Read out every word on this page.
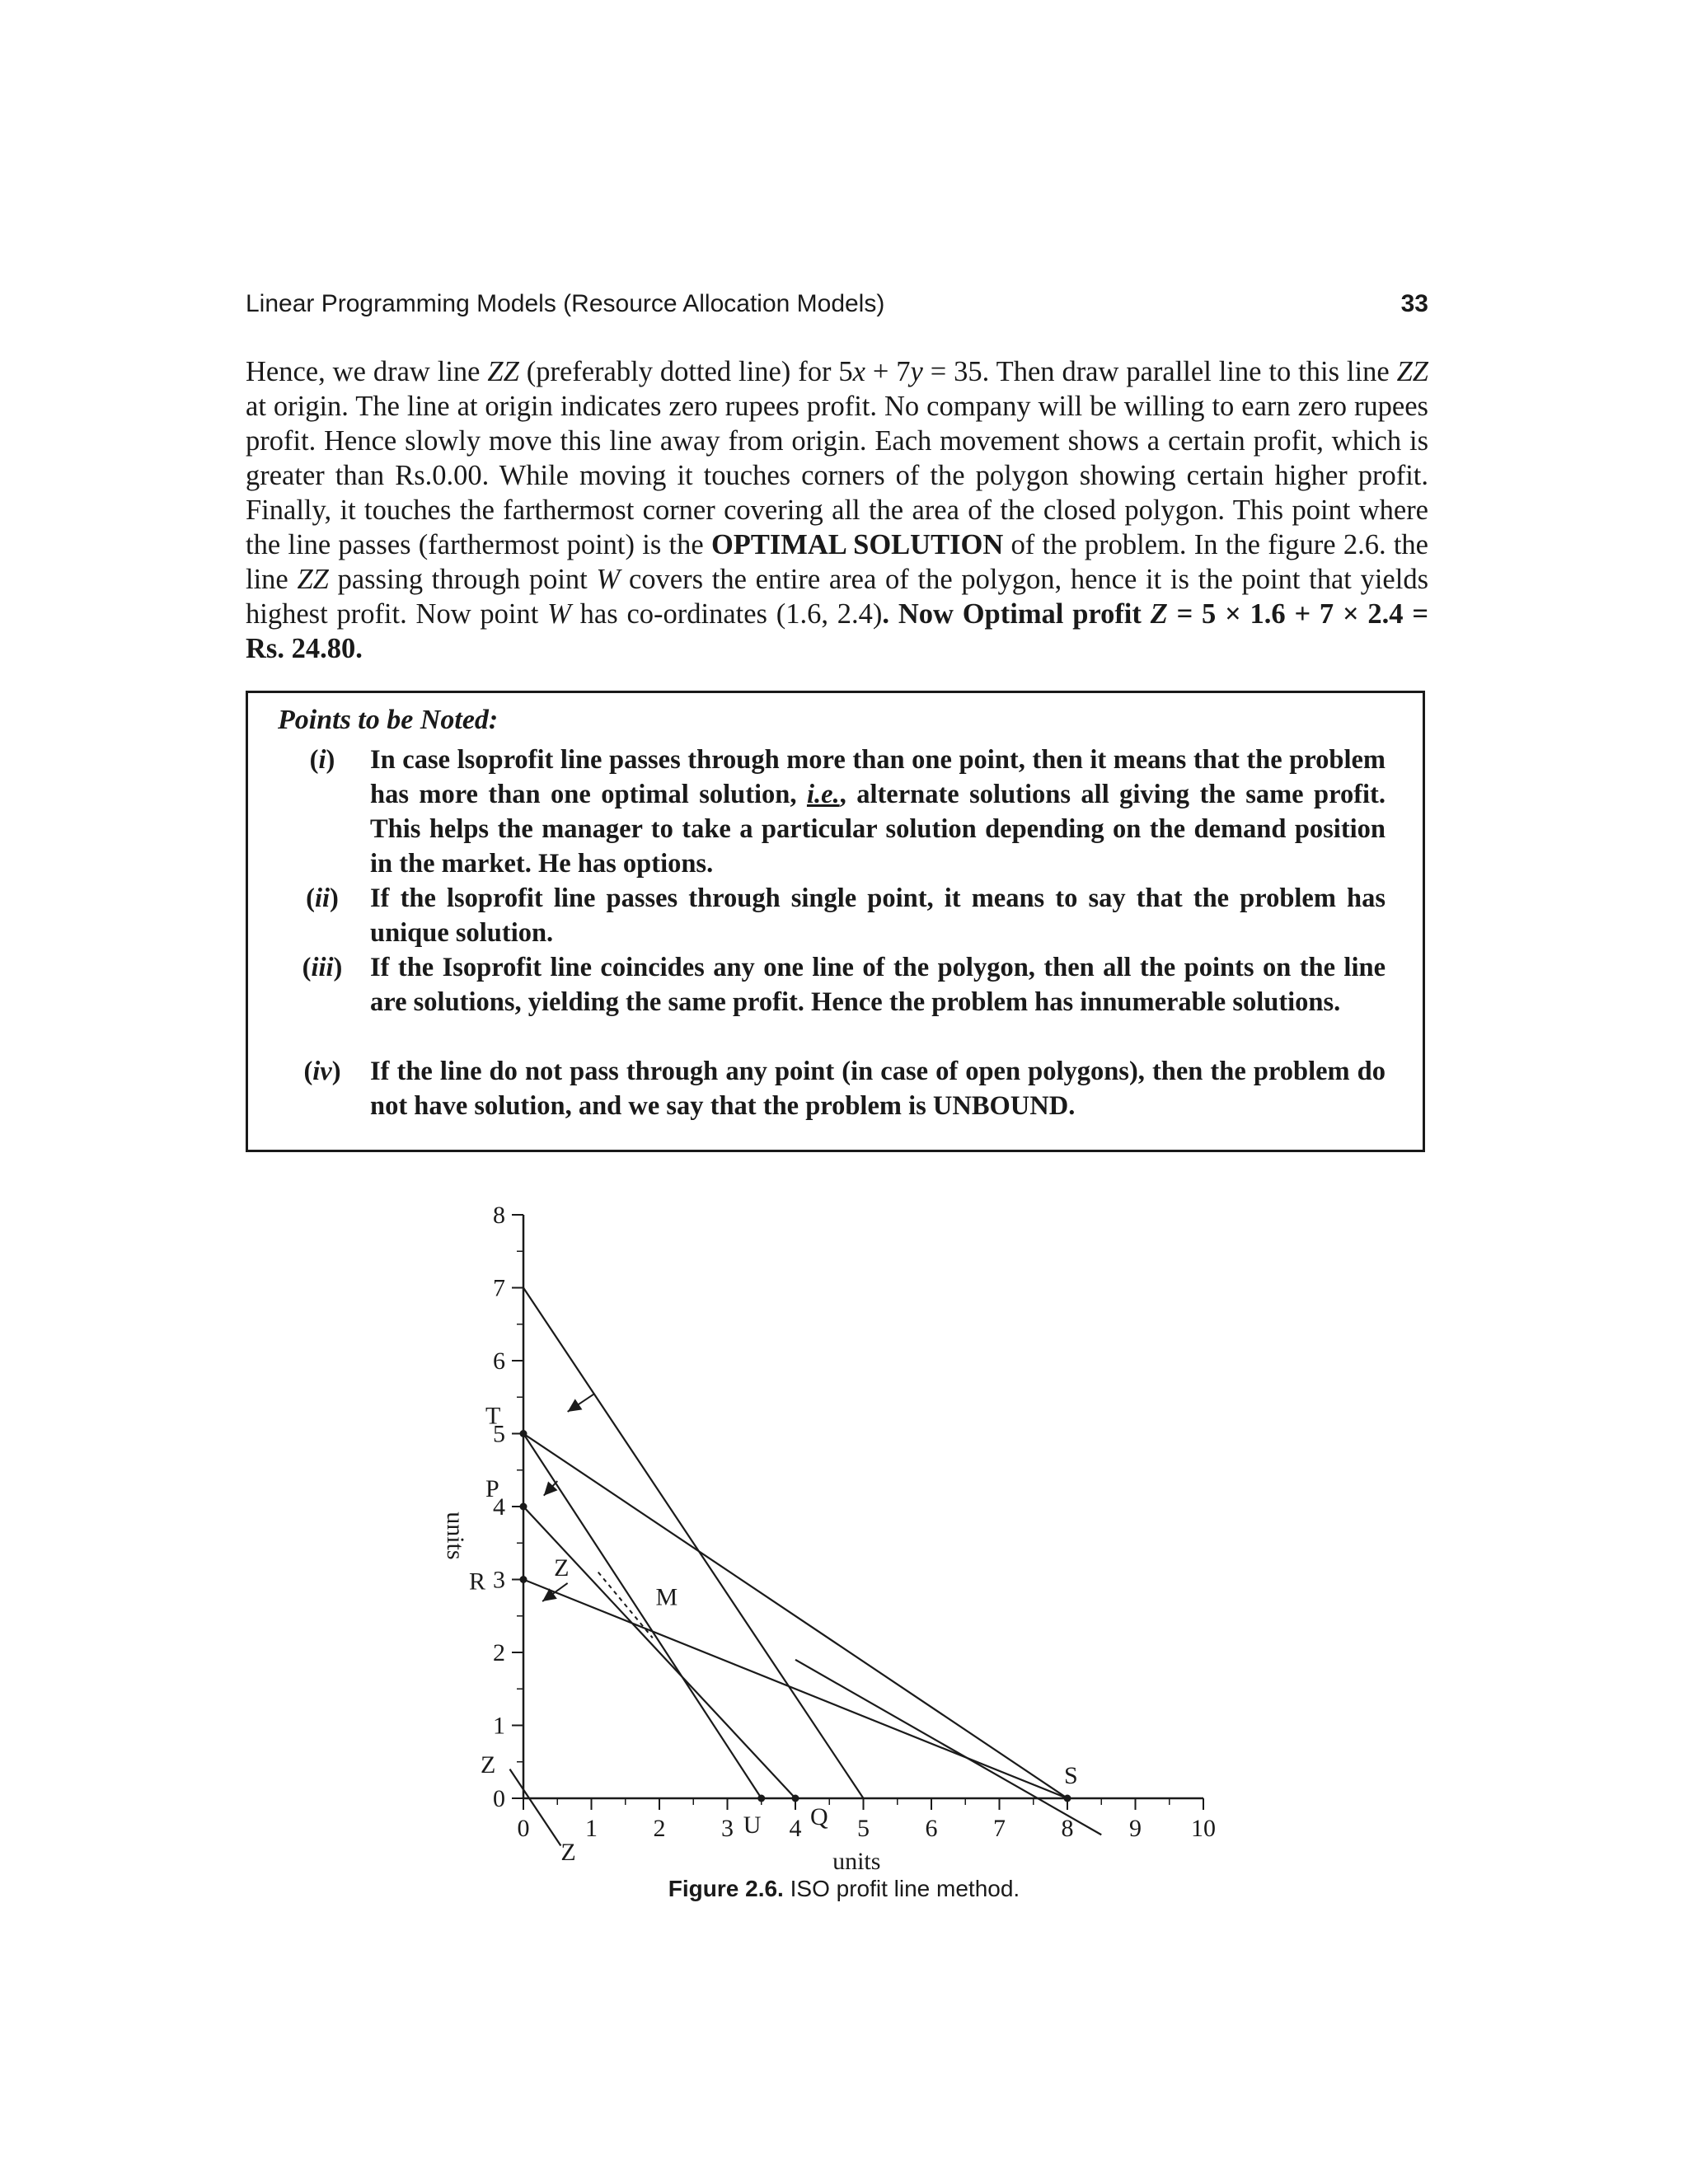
Linear Programming Models (Resource Allocation Models)	33

Hence, we draw line ZZ (preferably dotted line) for 5x + 7y = 35. Then draw parallel line to this line ZZ at origin. The line at origin indicates zero rupees profit. No company will be willing to earn zero rupees profit. Hence slowly move this line away from origin. Each movement shows a certain profit, which is greater than Rs.0.00. While moving it touches corners of the polygon showing certain higher profit. Finally, it touches the farthermost corner covering all the area of the closed polygon. This point where the line passes (farthermost point) is the OPTIMAL SOLUTION of the problem. In the figure 2.6. the line ZZ passing through point W covers the entire area of the polygon, hence it is the point that yields highest profit. Now point W has co-ordinates (1.6, 2.4). Now Optimal profit Z = 5 × 1.6 + 7 × 2.4 = Rs. 24.80.

Points to be Noted:
(i)	In case lsoprofit line passes through more than one point, then it means that the problem has more than one optimal solution, i.e., alternate solutions all giving the same profit. This helps the manager to take a particular solution depending on the demand position in the market. He has options.
(ii)	If the lsoprofit line passes through single point, it means to say that the problem has unique solution.
(iii)	If the Isoprofit line coincides any one line of the polygon, then all the points on the line are solutions, yielding the same profit. Hence the problem has innumerable solutions.
(iv)	If the line do not pass through any point (in case of open polygons), then the problem do not have solution, and we say that the problem is UNBOUND.
0 1 2 3 4 5 6 7 8 9 10
0
1
2
3
4
5
6
7
8
units
units
T
P
R
U Q
S
M
Z
Z
Z
Figure 2.6. ISO profit line method.
